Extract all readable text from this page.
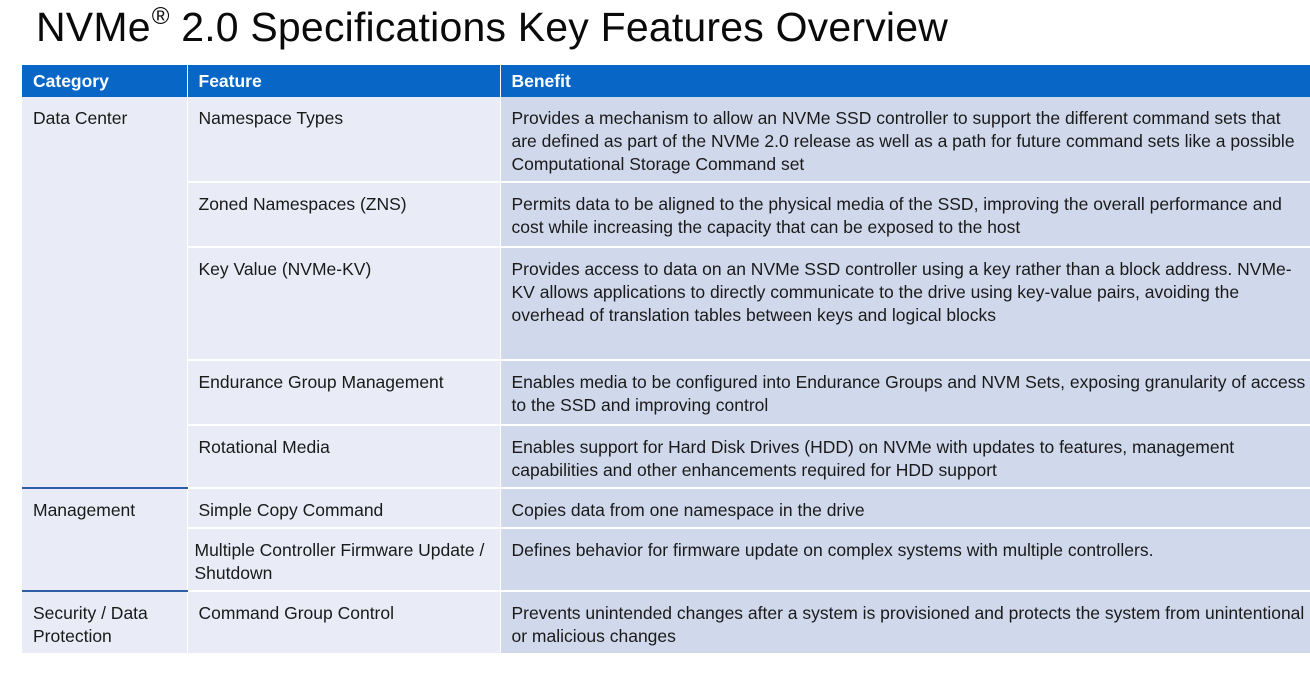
NVMe® 2.0 Specifications Key Features Overview
Category	Feature	Benefit
Data Center	Namespace Types	Provides a mechanism to allow an NVMe SSD controller to support the different command sets that are defined as part of the NVMe 2.0 release as well as a path for future command sets like a possible Computational Storage Command set
	Zoned Namespaces (ZNS)	Permits data to be aligned to the physical media of the SSD, improving the overall performance and cost while increasing the capacity that can be exposed to the host
	Key Value (NVMe-KV)	Provides access to data on an NVMe SSD controller using a key rather than a block address. NVMe-KV allows applications to directly communicate to the drive using key-value pairs, avoiding the overhead of translation tables between keys and logical blocks
	Endurance Group Management	Enables media to be configured into Endurance Groups and NVM Sets, exposing granularity of access to the SSD and improving control
	Rotational Media	Enables support for Hard Disk Drives (HDD) on NVMe with updates to features, management capabilities and other enhancements required for HDD support
Management	Simple Copy Command	Copies data from one namespace in the drive
	Multiple Controller Firmware Update / Shutdown	Defines behavior for firmware update on complex systems with multiple controllers.
Security / Data Protection	Command Group Control	Prevents unintended changes after a system is provisioned and protects the system from unintentional or malicious changes
